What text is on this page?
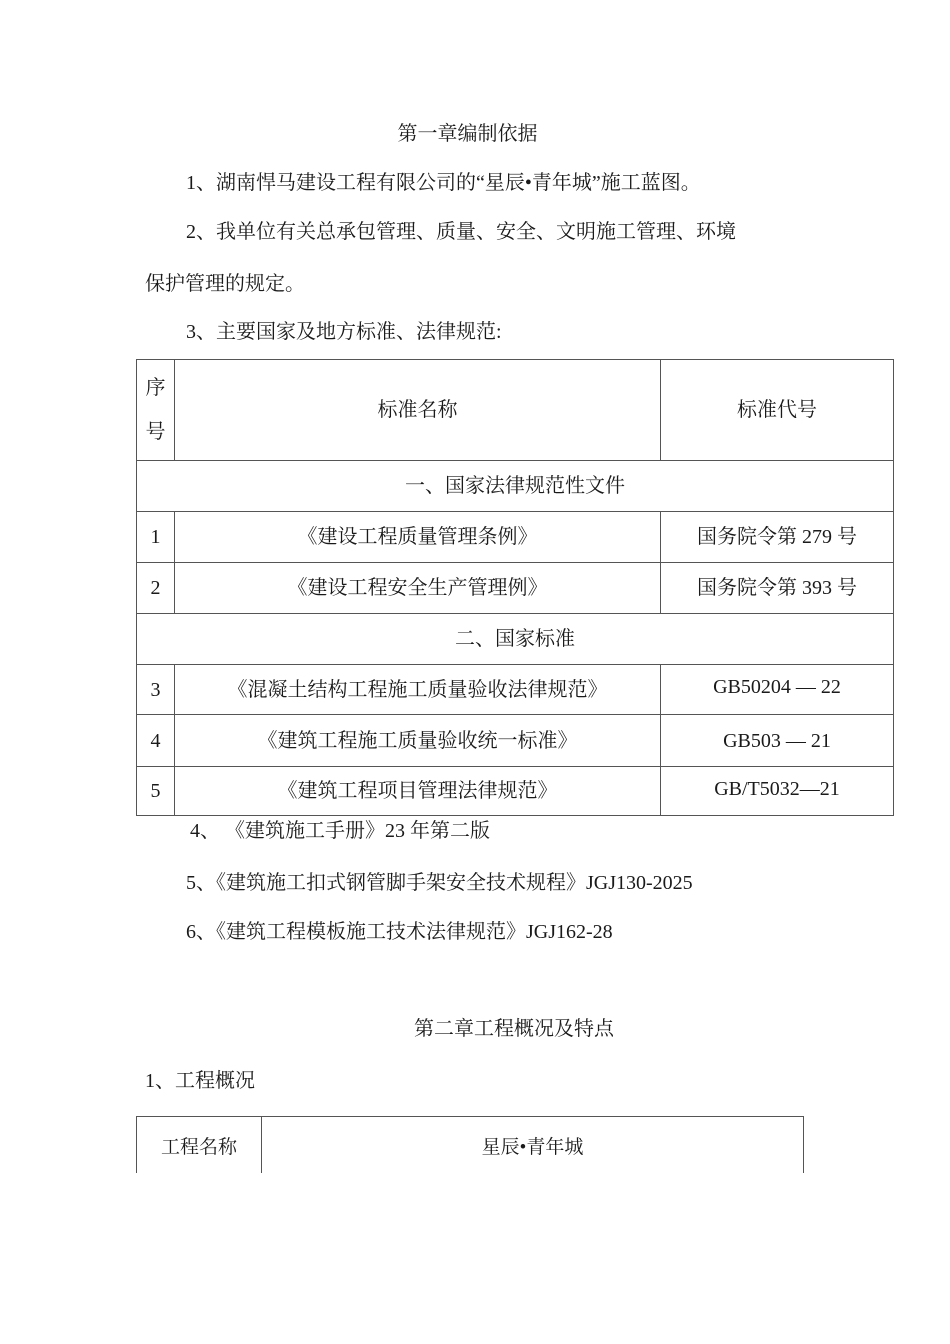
第一章编制依据
1、湖南悍马建设工程有限公司的“星辰•青年城”施工蓝图。
2、我单位有关总承包管理、质量、安全、文明施工管理、环境
保护管理的规定。
3、主要国家及地方标准、法律规范:
序
号	标准名称	标准代号
一、国家法律规范性文件		
1	《建设工程质量管理条例》	国务院令第 279 号
2	《建设工程安全生产管理例》	国务院令第 393 号
二、国家标准		
3	《混凝土结构工程施工质量验收法律规范》	GB50204 — 22
4	《建筑工程施工质量验收统一标准》	GB503 — 21
5	《建筑工程项目管理法律规范》	GB/T5032—21
4、 《建筑施工手册》23 年第二版
5、《建筑施工扣式钢管脚手架安全技术规程》JGJ130-2025
6、《建筑工程模板施工技术法律规范》JGJ162-28
第二章工程概况及特点
1、工程概况
工程名称	星辰•青年城
